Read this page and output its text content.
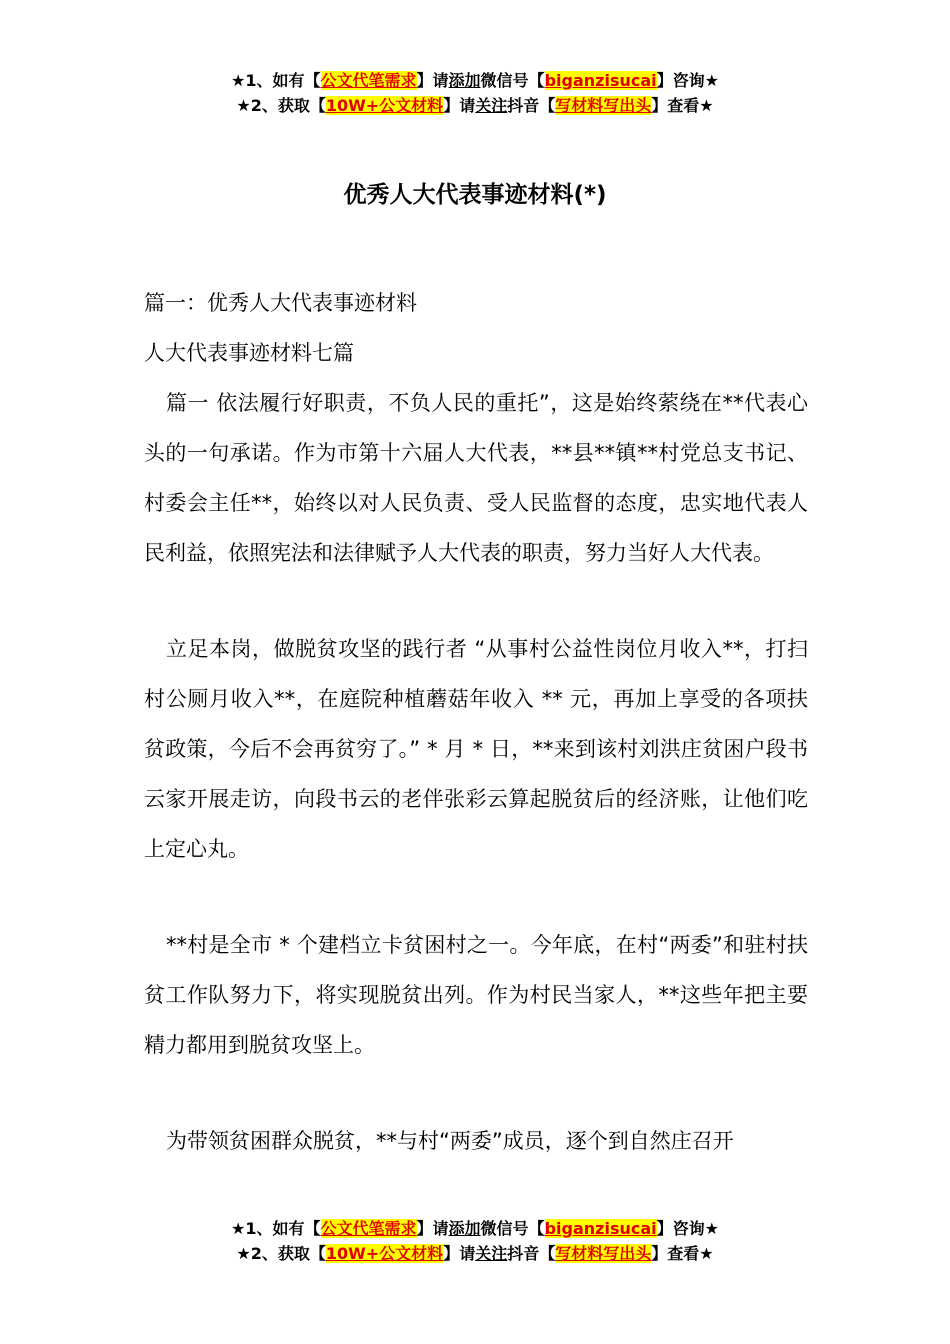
★1、如有【公文代笔需求】请添加微信号【biganzisucai】咨询★
★2、获取【10W+公文材料】请关注抖音【写材料写出头】查看★
优秀人大代表事迹材料(*)

篇一：优秀人大代表事迹材料

人大代表事迹材料七篇

篇一 依法履行好职责，不负人民的重托”，这是始终萦绕在**代表心头的一句承诺。作为市第十六届人大代表，**县**镇**村党总支书记、村委会主任**，始终以对人民负责、受人民监督的态度，忠实地代表人民利益，依照宪法和法律赋予人大代表的职责，努力当好人大代表。

立足本岗，做脱贫攻坚的践行者 “从事村公益性岗位月收入**，打扫村公厕月收入**，在庭院种植蘑菇年收入 ** 元，再加上享受的各项扶贫政策，今后不会再贫穷了。” * 月 * 日，**来到该村刘洪庄贫困户段书云家开展走访，向段书云的老伴张彩云算起脱贫后的经济账，让他们吃上定心丸。

**村是全市 * 个建档立卡贫困村之一。今年底，在村“两委”和驻村扶贫工作队努力下，将实现脱贫出列。作为村民当家人，**这些年把主要精力都用到脱贫攻坚上。

为带领贫困群众脱贫，**与村“两委”成员，逐个到自然庄召开

★1、如有【公文代笔需求】请添加微信号【biganzisucai】咨询★
★2、获取【10W+公文材料】请关注抖音【写材料写出头】查看★
